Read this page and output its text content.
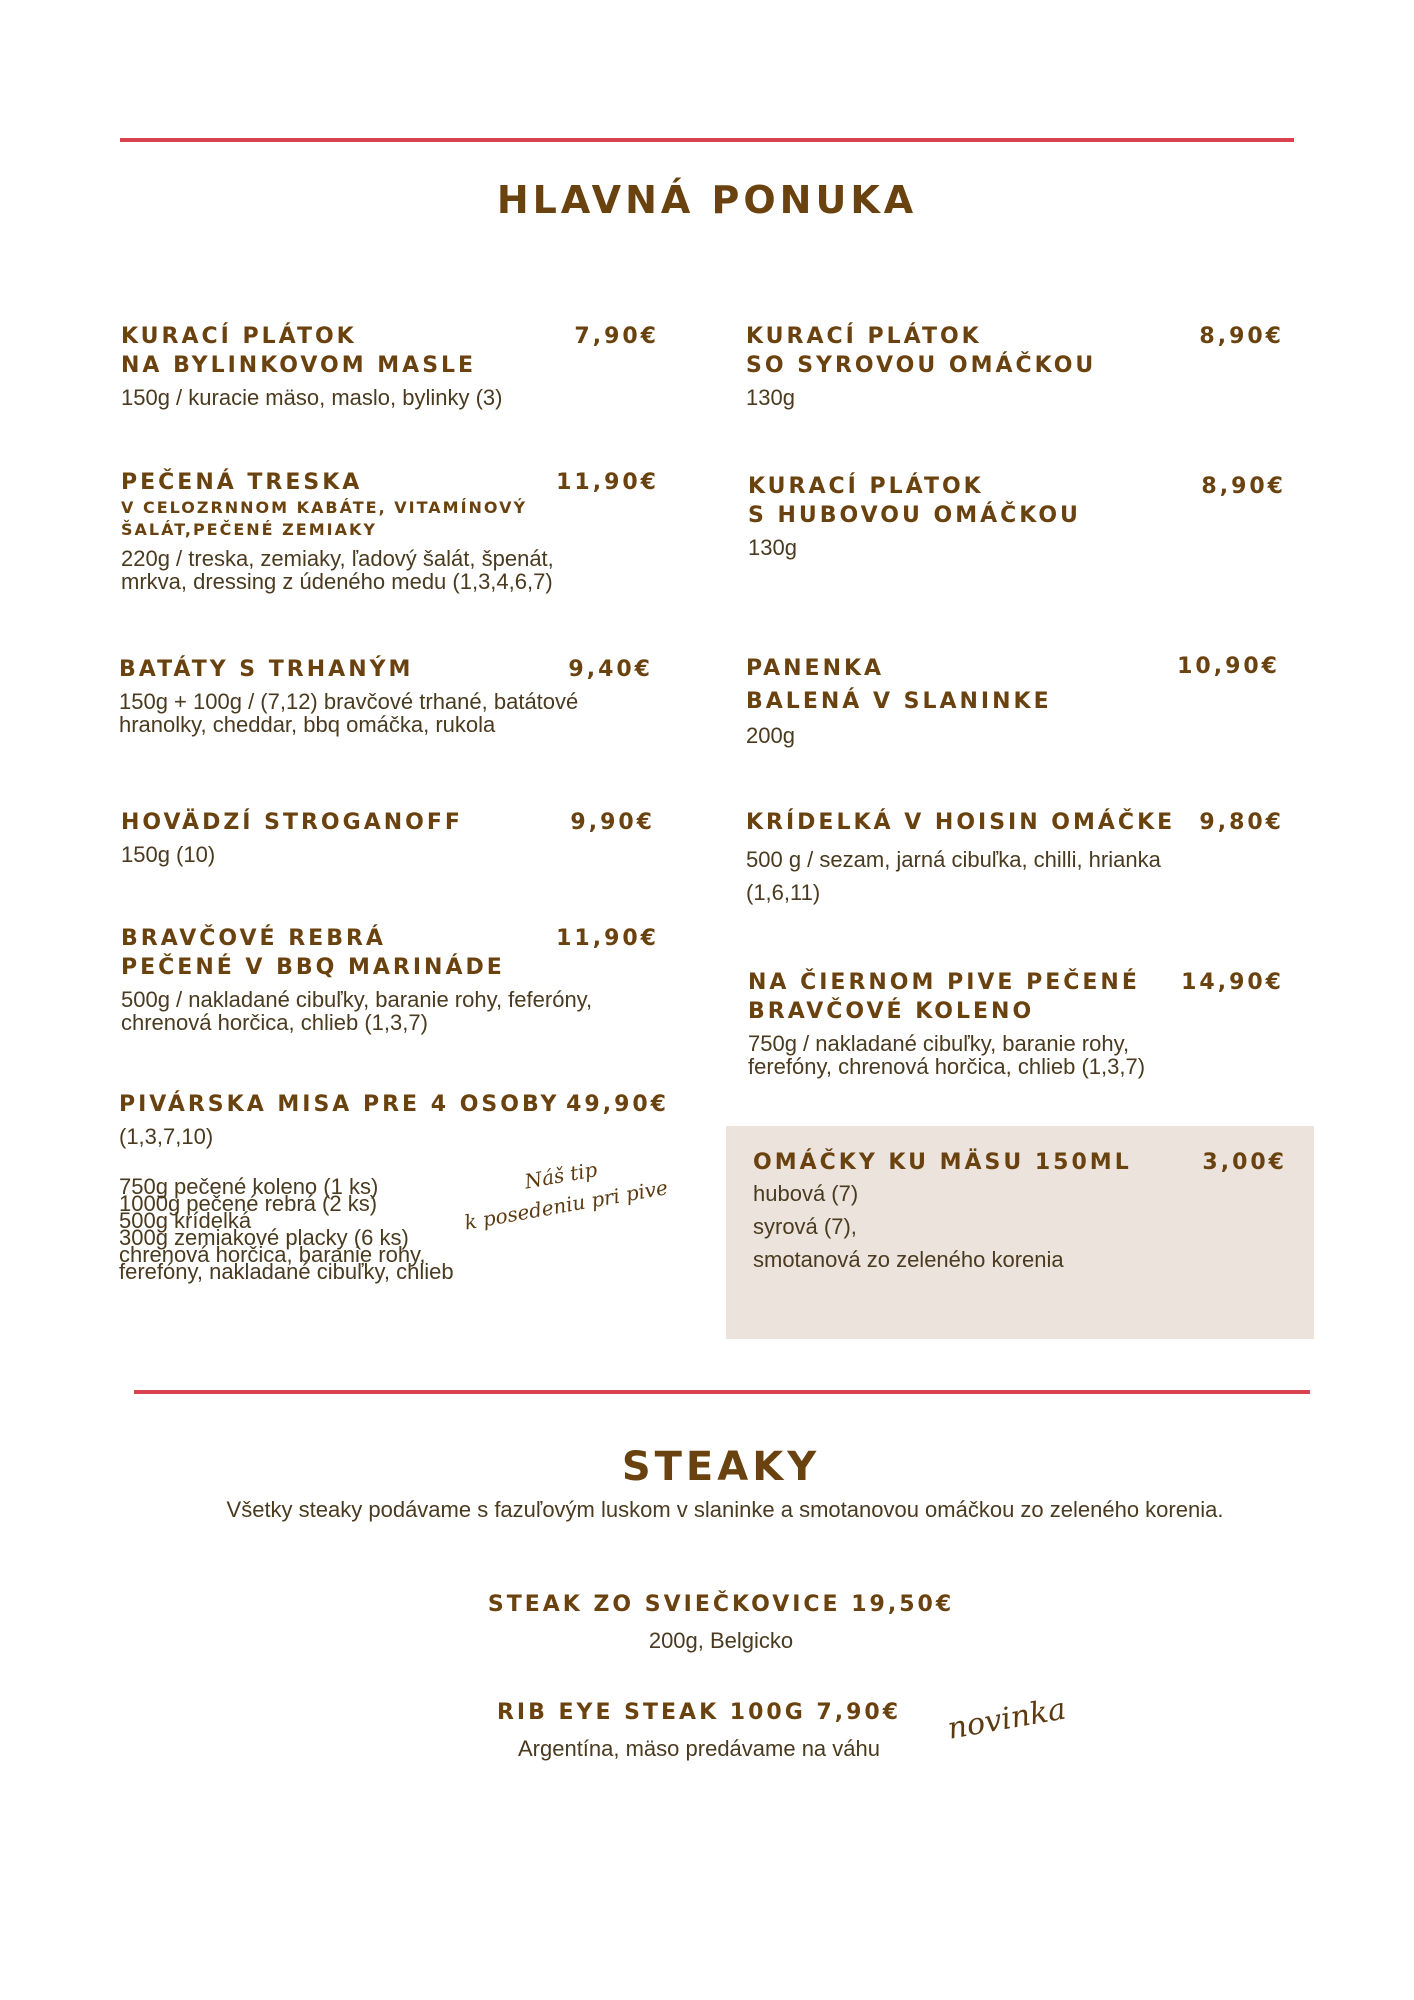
HLAVNÁ PONUKA
KURACÍ PLÁTOK
NA BYLINKOVOM MASLE
7,90€
150g / kuracie mäso, maslo, bylinky (3)
PEČENÁ TRESKA
V CELOZRNNOM KABÁTE, VITAMÍNOVÝ
ŠALÁT,PEČENÉ ZEMIAKY
11,90€
220g / treska, zemiaky, ľadový šalát, špenát,
mrkva, dressing z údeného medu (1,3,4,6,7)
BATÁTY S TRHANÝM	9,40€
150g + 100g / (7,12) bravčové trhané, batátové
hranolky, cheddar, bbq omáčka, rukola
HOVÄDZÍ STROGANOFF	9,90€
150g (10)
BRAVČOVÉ REBRÁ
PEČENÉ V BBQ MARINÁDE
11,90€
500g / nakladané cibuľky, baranie rohy, feferóny,
chrenová horčica, chlieb (1,3,7)
PIVÁRSKA MISA PRE 4 OSOBY 49,90€
(1,3,7,10)
750g pečené koleno (1 ks)
1000g pečené rebrá (2 ks)
500g krídelká
300g zemiakové placky (6 ks)
chrenová horčica, baranie rohy,
ferefóny, nakladané cibuľky, chlieb
Náš tip
k posedeniu pri pive
KURACÍ PLÁTOK
SO SYROVOU OMÁČKOU
8,90€
130g
KURACÍ PLÁTOK
S HUBOVOU OMÁČKOU
8,90€
130g
PANENKA
BALENÁ V SLANINKE
10,90€
200g
KRÍDELKÁ V HOISIN OMÁČKE	9,80€
500 g / sezam, jarná cibuľka, chilli, hrianka
(1,6,11)
NA ČIERNOM PIVE PEČENÉ
BRAVČOVÉ KOLENO
14,90€
750g / nakladané cibuľky, baranie rohy,
ferefóny, chrenová horčica, chlieb (1,3,7)
OMÁČKY KU MÄSU 150ML	3,00€
hubová (7)
syrová (7),
smotanová zo zeleného korenia
STEAKY
Všetky steaky podávame s fazuľovým luskom v slaninke a smotanovou omáčkou zo zeleného korenia.
STEAK ZO SVIEČKOVICE 19,50€
200g, Belgicko
RIB EYE STEAK 100G 7,90€
Argentína, mäso predávame na váhu
novinka
